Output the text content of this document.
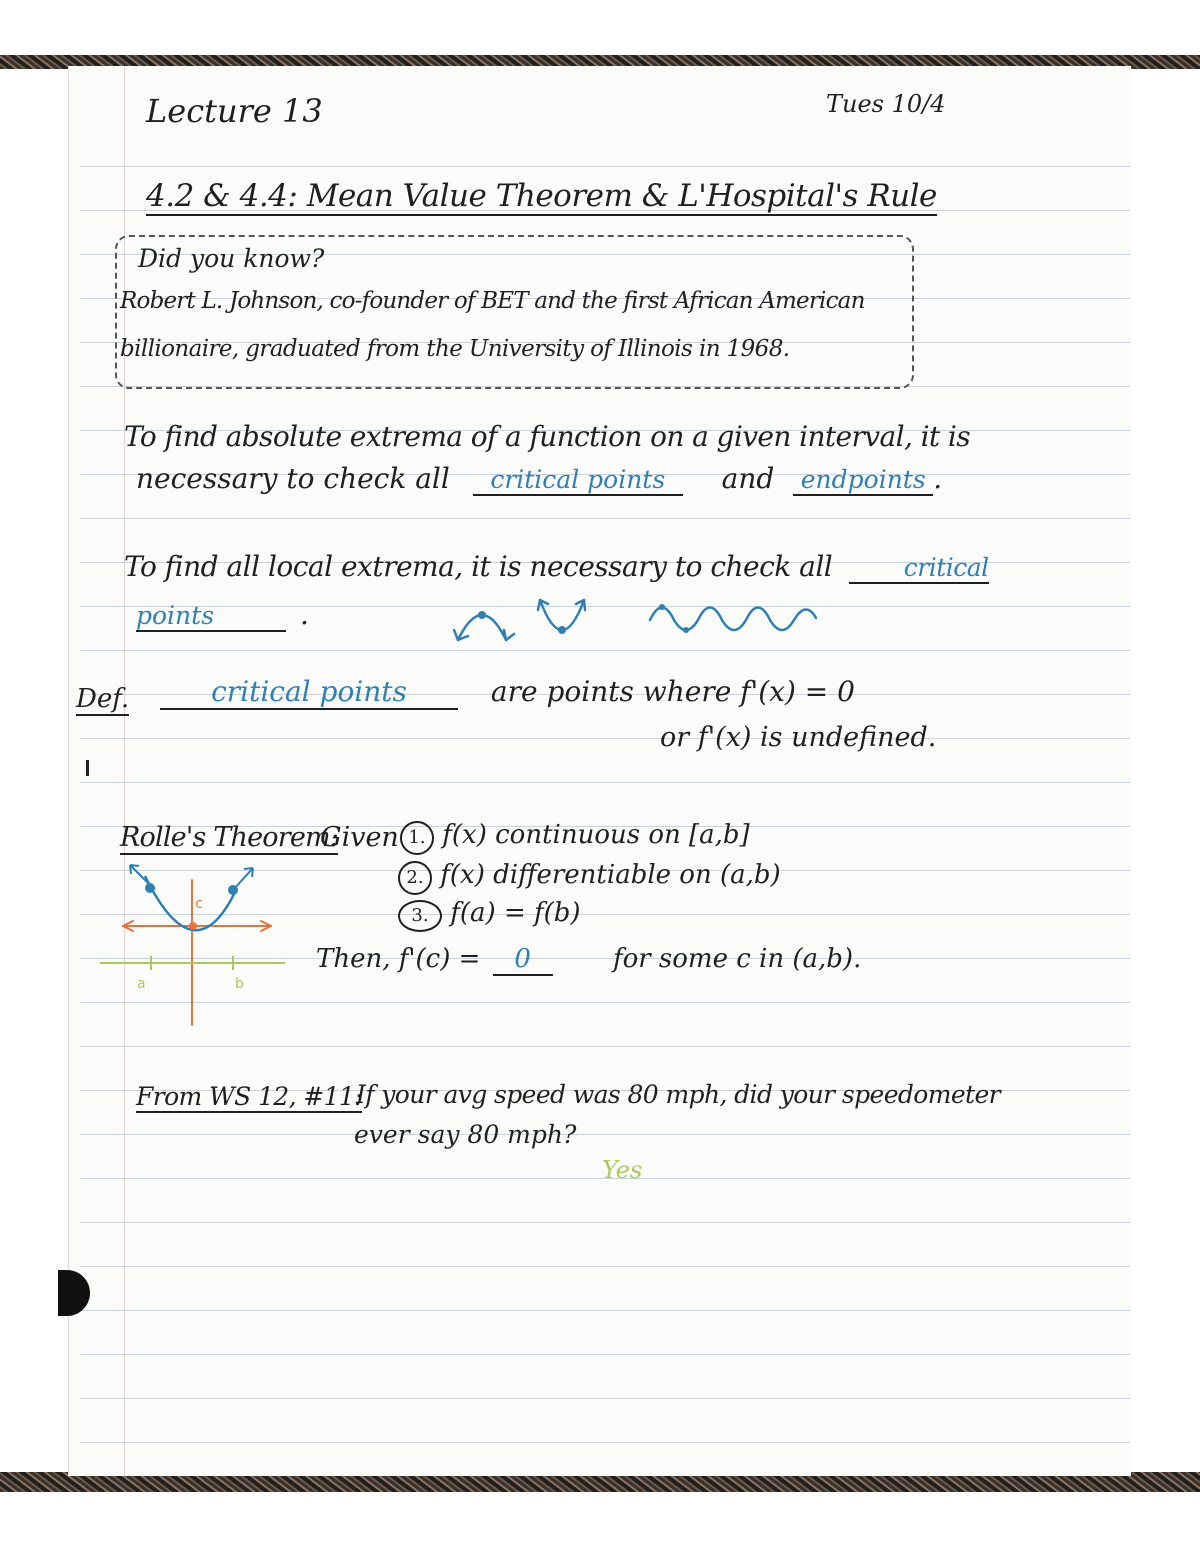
Lecture 13	Tues 10/4
4.2 & 4.4: Mean Value Theorem & L'Hospital's Rule
Did you know?
Robert L. Johnson, co-founder of BET and the first African American
billionaire, graduated from the University of Illinois in 1968.
To find absolute extrema of a function on a given interval, it is
necessary to check all critical points and endpoints .
To find all local extrema, it is necessary to check all	critical
points	.
Def.	critical points	are points where f'(x) = 0
or f'(x) is undefined.
Rolle's Theorem:
Given 1. f(x) continuous on [a,b]
2. f(x) differentiable on (a,b)
3. f(a) = f(b)
Then, f'(c) = 0	for some c in (a,b).
c
a	b
From WS 12, #11:
If your avg speed was 80 mph, did your speedometer
ever say 80 mph?
Yes
